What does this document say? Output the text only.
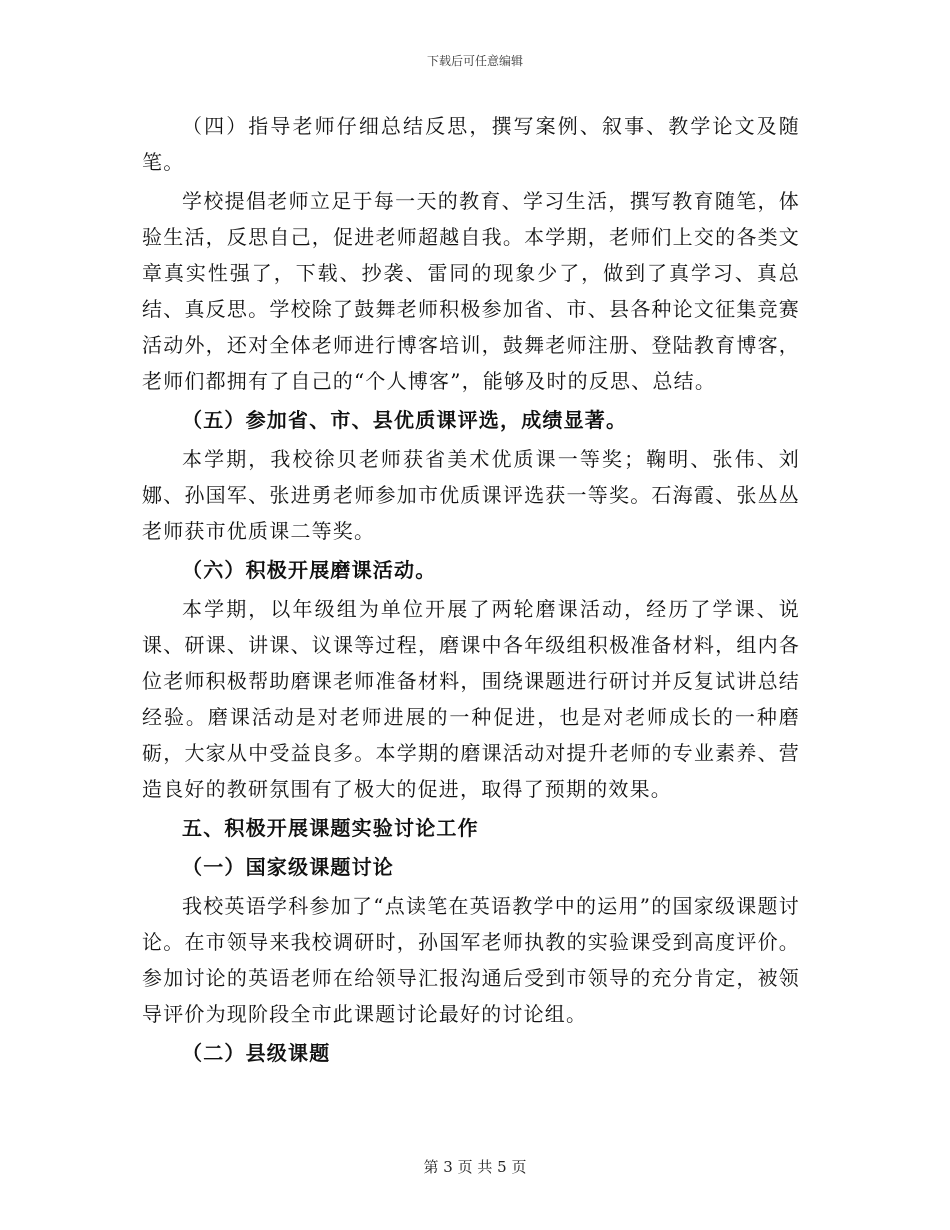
下载后可任意编辑

（四）指导老师仔细总结反思，撰写案例、叙事、教学论文及随笔。

学校提倡老师立足于每一天的教育、学习生活，撰写教育随笔，体验生活，反思自己，促进老师超越自我。本学期，老师们上交的各类文章真实性强了，下载、抄袭、雷同的现象少了，做到了真学习、真总结、真反思。学校除了鼓舞老师积极参加省、市、县各种论文征集竞赛活动外，还对全体老师进行博客培训，鼓舞老师注册、登陆教育博客，老师们都拥有了自己的“个人博客”，能够及时的反思、总结。

（五）参加省、市、县优质课评选，成绩显著。

本学期，我校徐贝老师获省美术优质课一等奖；鞠明、张伟、刘娜、孙国军、张进勇老师参加市优质课评选获一等奖。石海霞、张丛丛老师获市优质课二等奖。

（六）积极开展磨课活动。

本学期，以年级组为单位开展了两轮磨课活动，经历了学课、说课、研课、讲课、议课等过程，磨课中各年级组积极准备材料，组内各位老师积极帮助磨课老师准备材料，围绕课题进行研讨并反复试讲总结经验。磨课活动是对老师进展的一种促进，也是对老师成长的一种磨砺，大家从中受益良多。本学期的磨课活动对提升老师的专业素养、营造良好的教研氛围有了极大的促进，取得了预期的效果。

五、积极开展课题实验讨论工作

（一）国家级课题讨论

我校英语学科参加了“点读笔在英语教学中的运用”的国家级课题讨论。在市领导来我校调研时，孙国军老师执教的实验课受到高度评价。参加讨论的英语老师在给领导汇报沟通后受到市领导的充分肯定，被领导评价为现阶段全市此课题讨论最好的讨论组。

（二）县级课题

第 3 页 共 5 页
